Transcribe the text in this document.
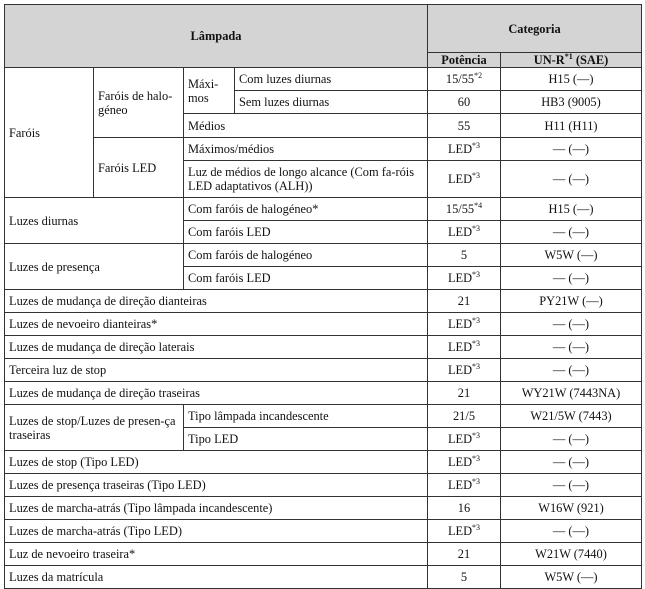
Lâmpada				Categoria	
				Potência	$UN-R^{*1}$ (SAE)
Faróis	Faróis de halo-géneo	Máxi-mos	Com luzes diurnas	15/55$^{*2}$	H15 (—)
			Sem luzes diurnas	60	HB3 (9005)
		Médios		55	H11 (H11)
	Faróis LED	Máximos/médios		LED$^{*3}$	— (—)
		Luz de médios de longo alcance (Com fa-róis LED adaptativos (ALH))		LED$^{*3}$	— (—)
Luzes diurnas		Com faróis de halogéneo*		15/55$^{*4}$	H15 (—)
		Com faróis LED		LED$^{*3}$	— (—)
Luzes de presença		Com faróis de halogéneo		5	W5W (—)
		Com faróis LED		LED$^{*3}$	— (—)
Luzes de mudança de direção dianteiras				21	PY21W (—)
Luzes de nevoeiro dianteiras*				LED$^{*3}$	— (—)
Luzes de mudança de direção laterais				LED$^{*3}$	— (—)
Terceira luz de stop				LED$^{*3}$	— (—)
Luzes de mudança de direção traseiras				21	WY21W (7443NA)
Luzes de stop/Luzes de presen-ça traseiras		Tipo lâmpada incandescente		21/5	W21/5W (7443)
		Tipo LED		LED$^{*3}$	— (—)
Luzes de stop (Tipo LED)				LED$^{*3}$	— (—)
Luzes de presença traseiras (Tipo LED)				LED$^{*3}$	— (—)
Luzes de marcha-atrás (Tipo lâmpada incandescente)				16	W16W (921)
Luzes de marcha-atrás (Tipo LED)				LED$^{*3}$	— (—)
Luz de nevoeiro traseira*				21	W21W (7440)
Luzes da matrícula				5	W5W (—)
